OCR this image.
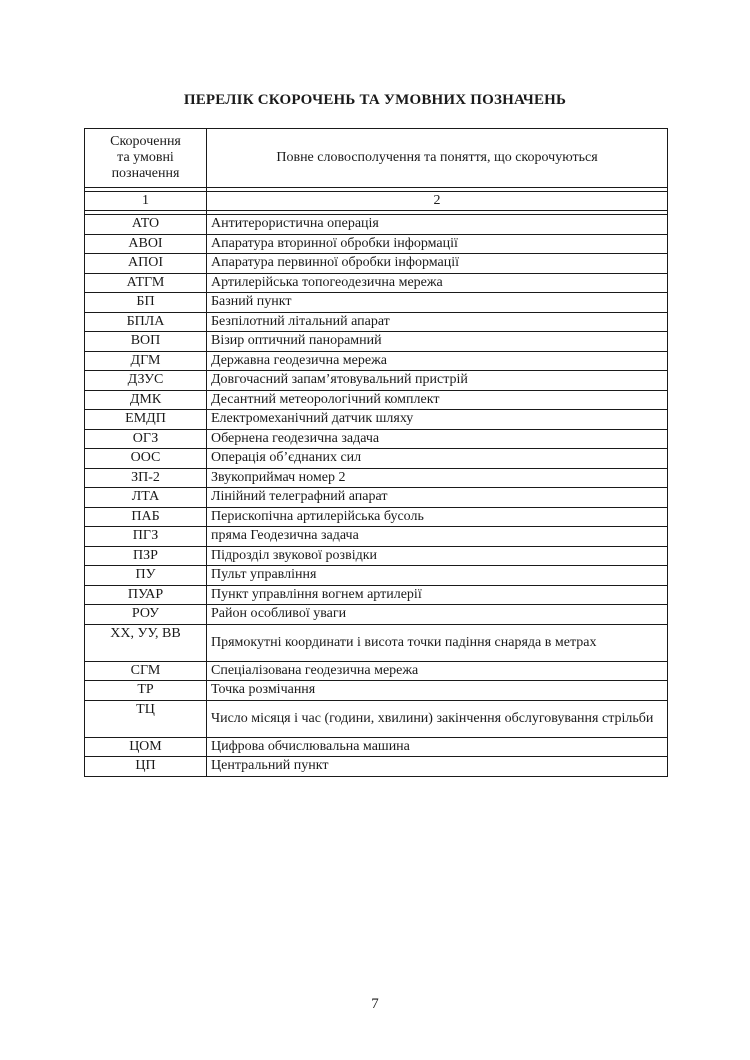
ПЕРЕЛІК СКОРОЧЕНЬ ТА УМОВНИХ ПОЗНАЧЕНЬ
Скорочення
та умовні
позначення	Повне словосполучення та поняття, що скорочуються

1	2

АТО	Антитерористична операція
АВОІ	Апаратура вторинної обробки інформації
АПОІ	Апаратура первинної обробки інформації
АТГМ	Артилерійська топогеодезична мережа
БП	Базний пункт
БПЛА	Безпілотний літальний апарат
ВОП	Візир оптичний панорамний
ДГМ	Державна геодезична мережа
ДЗУС	Довгочасний запам’ятовувальний пристрій
ДМК	Десантний метеорологічний комплект
ЕМДП	Електромеханічний датчик шляху
ОГЗ	Обернена геодезична задача
ООС	Операція об’єднаних сил
ЗП-2	Звукоприймач номер 2
ЛТА	Лінійний телеграфний апарат
ПАБ	Перископічна артилерійська бусоль
ПГЗ	пряма Геодезична задача
ПЗР	Підрозділ звукової розвідки
ПУ	Пульт управління
ПУАР	Пункт управління вогнем артилерії
РОУ	Район особливої уваги
ХХ, УУ, ВВ	Прямокутні координати і висота точки падіння снаряда в метрах
СГМ	Спеціалізована геодезична мережа
ТР	Точка розмічання
ТЦ	Число місяця і час (години, хвилини) закінчення обслуговування стрільби
ЦОМ	Цифрова обчислювальна машина
ЦП	Центральний пункт
7
